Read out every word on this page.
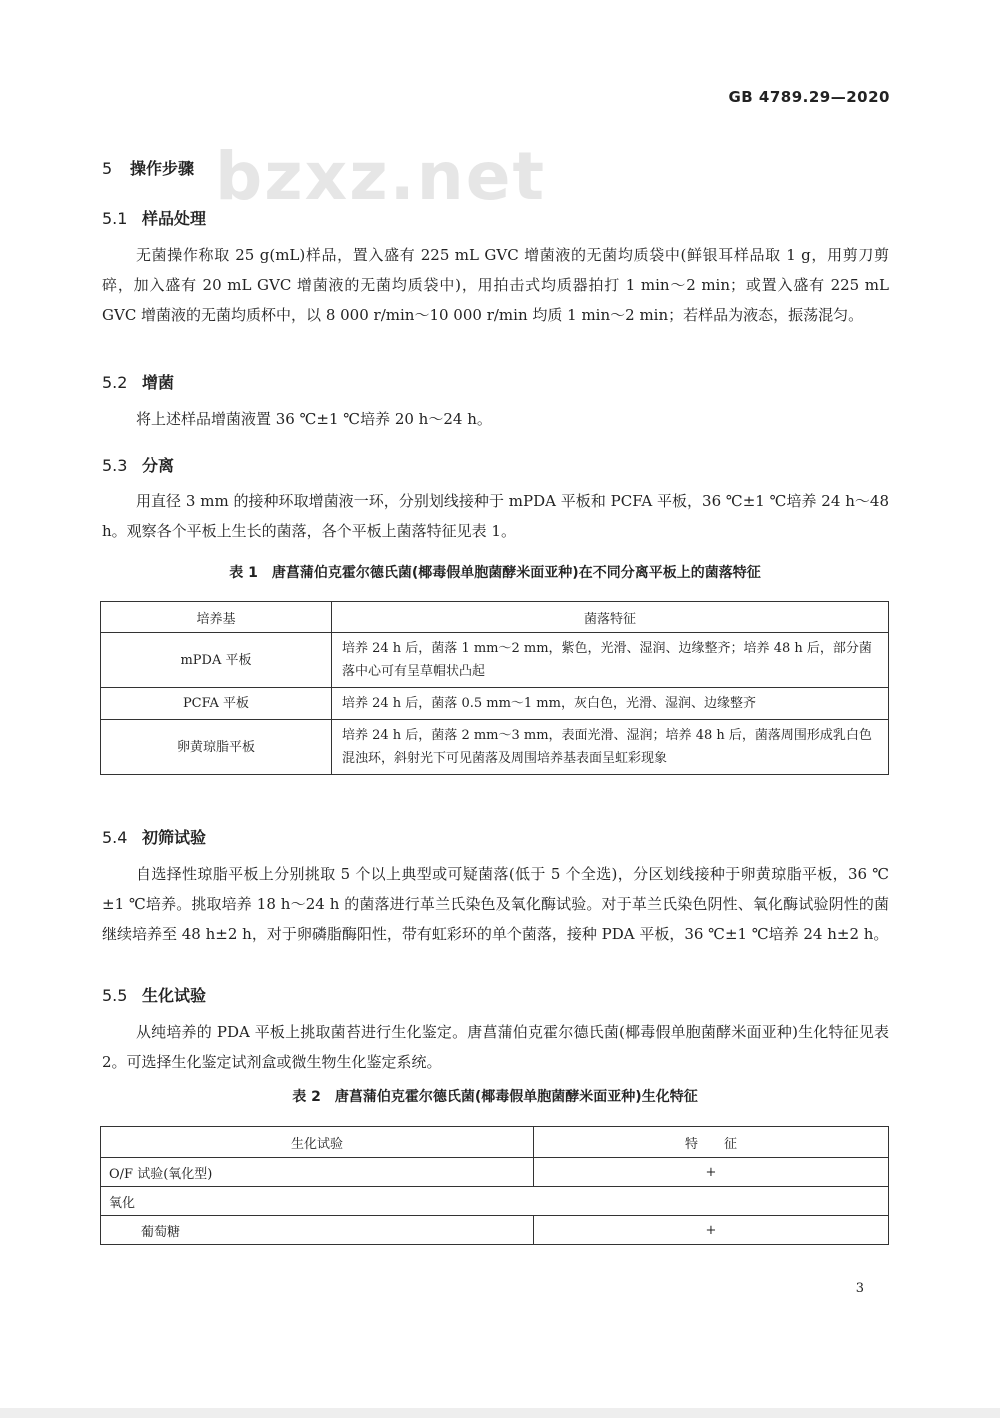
GB 4789.29—2020
bzxz.net
5 操作步骤
5.1 样品处理

无菌操作称取 25 g(mL)样品，置入盛有 225 mL GVC 增菌液的无菌均质袋中(鲜银耳样品取 1 g，用剪刀剪碎，加入盛有 20 mL GVC 增菌液的无菌均质袋中)，用拍击式均质器拍打 1 min～2 min；或置入盛有 225 mL GVC 增菌液的无菌均质杯中，以 8 000 r/min～10 000 r/min 均质 1 min～2 min；若样品为液态，振荡混匀。

5.2 增菌

将上述样品增菌液置 36 ℃±1 ℃培养 20 h～24 h。

5.3 分离

用直径 3 mm 的接种环取增菌液一环，分别划线接种于 mPDA 平板和 PCFA 平板，36 ℃±1 ℃培养 24 h～48 h。观察各个平板上生长的菌落，各个平板上菌落特征见表 1。

表 1　唐菖蒲伯克霍尔德氏菌(椰毒假单胞菌酵米面亚种)在不同分离平板上的菌落特征
培养基	菌落特征
mPDA 平板	培养 24 h 后，菌落 1 mm～2 mm，紫色，光滑、湿润、边缘整齐；培养 48 h 后，部分菌落中心可有呈草帽状凸起
PCFA 平板	培养 24 h 后，菌落 0.5 mm～1 mm，灰白色，光滑、湿润、边缘整齐
卵黄琼脂平板	培养 24 h 后，菌落 2 mm～3 mm，表面光滑、湿润；培养 48 h 后，菌落周围形成乳白色混浊环，斜射光下可见菌落及周围培养基表面呈虹彩现象
5.4 初筛试验

自选择性琼脂平板上分别挑取 5 个以上典型或可疑菌落(低于 5 个全选)，分区划线接种于卵黄琼脂平板，36 ℃±1 ℃培养。挑取培养 18 h～24 h 的菌落进行革兰氏染色及氧化酶试验。对于革兰氏染色阴性、氧化酶试验阴性的菌继续培养至 48 h±2 h，对于卵磷脂酶阳性，带有虹彩环的单个菌落，接种 PDA 平板，36 ℃±1 ℃培养 24 h±2 h。

5.5 生化试验

从纯培养的 PDA 平板上挑取菌苔进行生化鉴定。唐菖蒲伯克霍尔德氏菌(椰毒假单胞菌酵米面亚种)生化特征见表 2。可选择生化鉴定试剂盒或微生物生化鉴定系统。

表 2　唐菖蒲伯克霍尔德氏菌(椰毒假单胞菌酵米面亚种)生化特征
生化试验	特　　征
O/F 试验(氧化型)	+
氧化	
葡萄糖	+
3
